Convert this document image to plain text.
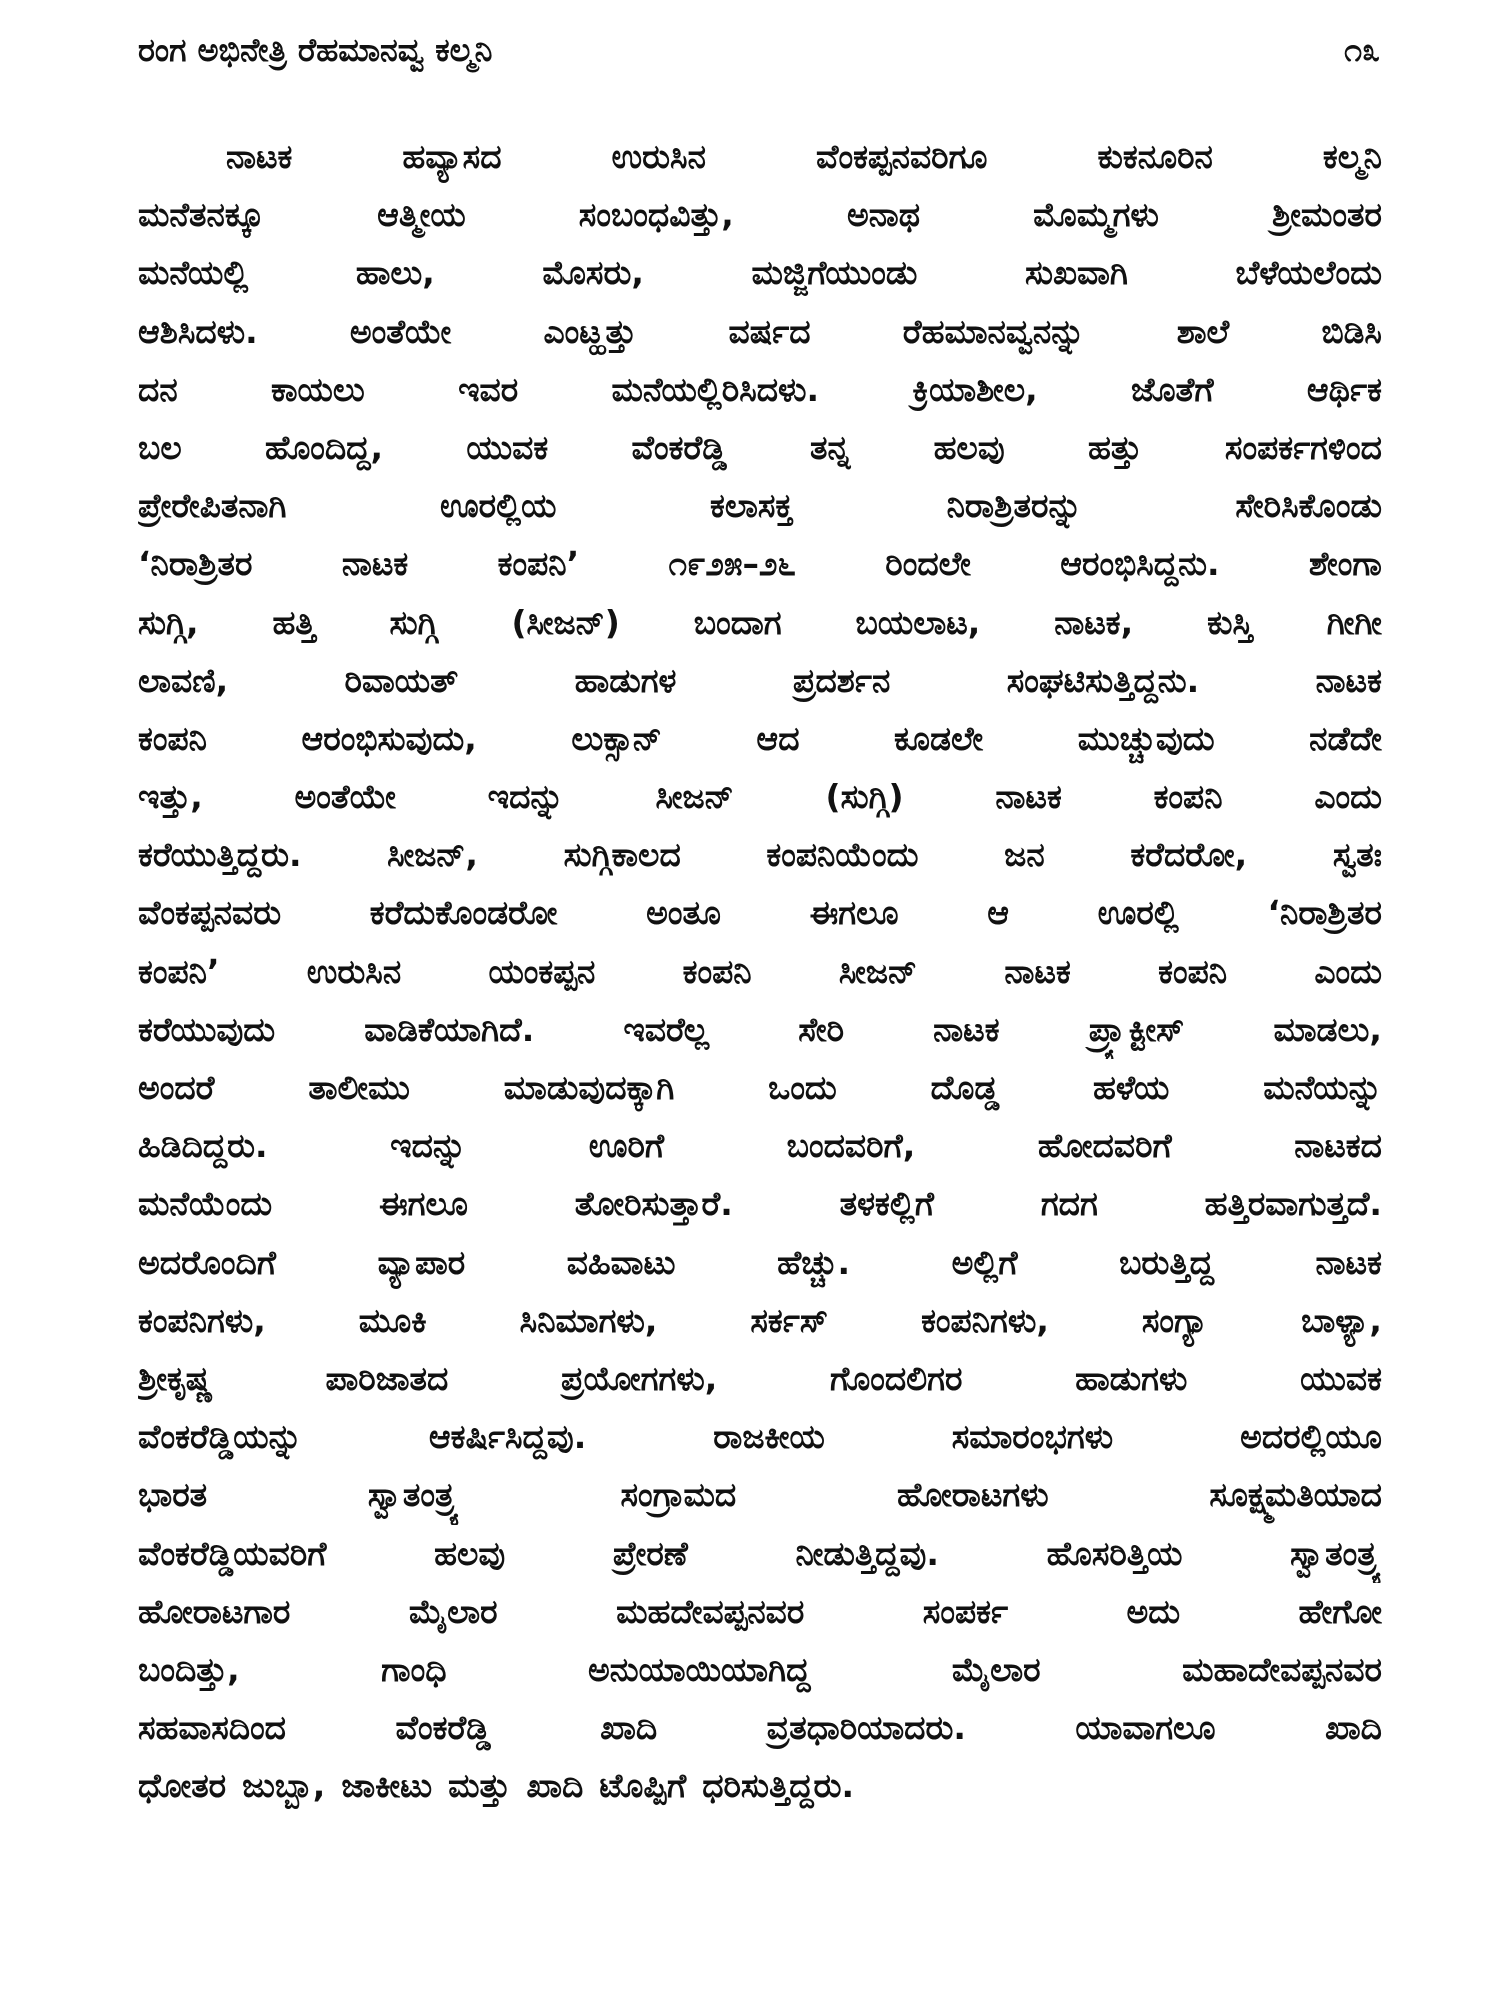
ರಂಗ ಅಭಿನೇತ್ರಿ ರೆಹಮಾನವ್ವ ಕಲ್ಮನಿ	೧೩
ನಾಟಕ	ಹವ್ಯಾಸದ	ಉರುಸಿನ	ವೆಂಕಪ್ಪನವರಿಗೂ	ಕುಕನೂರಿನ	ಕಲ್ಮನಿ
ಮನೆತನಕ್ಕೂ	ಆತ್ಮೀಯ	ಸಂಬಂಧವಿತ್ತು,	ಅನಾಥ	ಮೊಮ್ಮಗಳು	ಶ್ರೀಮಂತರ
ಮನೆಯಲ್ಲಿ	ಹಾಲು,	ಮೊಸರು,	ಮಜ್ಜಿಗೆಯುಂಡು	ಸುಖವಾಗಿ	ಬೆಳೆಯಲೆಂದು
ಆಶಿಸಿದಳು.	ಅಂತೆಯೇ	ಎಂಟ್ಹತ್ತು	ವರ್ಷದ	ರೆಹಮಾನವ್ವನನ್ನು	ಶಾಲೆ	ಬಿಡಿಸಿ
ದನ	ಕಾಯಲು	ಇವರ	ಮನೆಯಲ್ಲಿರಿಸಿದಳು.	ಕ್ರಿಯಾಶೀಲ,	ಜೊತೆಗೆ	ಆರ್ಥಿಕ
ಬಲ	ಹೊಂದಿದ್ದ,	ಯುವಕ	ವೆಂಕರೆಡ್ಡಿ	ತನ್ನ	ಹಲವು	ಹತ್ತು	ಸಂಪರ್ಕಗಳಿಂದ
ಪ್ರೇರೇಪಿತನಾಗಿ	ಊರಲ್ಲಿಯ	ಕಲಾಸಕ್ತ	ನಿರಾಶ್ರಿತರನ್ನು	ಸೇರಿಸಿಕೊಂಡು
‘ನಿರಾಶ್ರಿತರ	ನಾಟಕ	ಕಂಪನಿ’	೧೯೨೫–೨೬	ರಿಂದಲೇ	ಆರಂಭಿಸಿದ್ದನು.	ಶೇಂಗಾ
ಸುಗ್ಗಿ, ಹತ್ತಿ ಸುಗ್ಗಿ (ಸೀಜನ್) ಬಂದಾಗ ಬಯಲಾಟ, ನಾಟಕ, ಕುಸ್ತಿ ಗೀಗೀ
ಲಾವಣಿ,	ರಿವಾಯತ್	ಹಾಡುಗಳ	ಪ್ರದರ್ಶನ	ಸಂಘಟಿಸುತ್ತಿದ್ದನು.	ನಾಟಕ
ಕಂಪನಿ	ಆರಂಭಿಸುವುದು,	ಲುಕ್ಸಾನ್	ಆದ	ಕೂಡಲೇ	ಮುಚ್ಚುವುದು	ನಡೆದೇ
ಇತ್ತು,	ಅಂತೆಯೇ	ಇದನ್ನು	ಸೀಜನ್	(ಸುಗ್ಗಿ)	ನಾಟಕ	ಕಂಪನಿ	ಎಂದು
ಕರೆಯುತ್ತಿದ್ದರು.	ಸೀಜನ್,	ಸುಗ್ಗಿಕಾಲದ	ಕಂಪನಿಯೆಂದು	ಜನ	ಕರೆದರೋ,	ಸ್ವತಃ
ವೆಂಕಪ್ಪನವರು	ಕರೆದುಕೊಂಡರೋ	ಅಂತೂ	ಈಗಲೂ	ಆ	ಊರಲ್ಲಿ	‘ನಿರಾಶ್ರಿತರ
ಕಂಪನಿ’	ಉರುಸಿನ	ಯಂಕಪ್ಪನ	ಕಂಪನಿ	ಸೀಜನ್	ನಾಟಕ	ಕಂಪನಿ	ಎಂದು
ಕರೆಯುವುದು	ವಾಡಿಕೆಯಾಗಿದೆ.	ಇವರೆಲ್ಲ	ಸೇರಿ	ನಾಟಕ	ಪ್ರ್ಯಾಕ್ಟೀಸ್	ಮಾಡಲು,
ಅಂದರೆ	ತಾಲೀಮು	ಮಾಡುವುದಕ್ಕಾಗಿ	ಒಂದು	ದೊಡ್ಡ	ಹಳೆಯ	ಮನೆಯನ್ನು
ಹಿಡಿದಿದ್ದರು.	ಇದನ್ನು	ಊರಿಗೆ	ಬಂದವರಿಗೆ,	ಹೋದವರಿಗೆ	ನಾಟಕದ
ಮನೆಯೆಂದು	ಈಗಲೂ	ತೋರಿಸುತ್ತಾರೆ.	ತಳಕಲ್ಲಿಗೆ	ಗದಗ	ಹತ್ತಿರವಾಗುತ್ತದೆ.
ಅದರೊಂದಿಗೆ	ವ್ಯಾಪಾರ	ವಹಿವಾಟು	ಹೆಚ್ಚು.	ಅಲ್ಲಿಗೆ	ಬರುತ್ತಿದ್ದ	ನಾಟಕ
ಕಂಪನಿಗಳು,	ಮೂಕಿ	ಸಿನಿಮಾಗಳು,	ಸರ್ಕಸ್	ಕಂಪನಿಗಳು,	ಸಂಗ್ಯಾ	ಬಾಳ್ಯಾ,
ಶ್ರೀಕೃಷ್ಣ	ಪಾರಿಜಾತದ	ಪ್ರಯೋಗಗಳು,	ಗೊಂದಲಿಗರ	ಹಾಡುಗಳು	ಯುವಕ
ವೆಂಕರೆಡ್ಡಿಯನ್ನು	ಆಕರ್ಷಿಸಿದ್ದವು.	ರಾಜಕೀಯ	ಸಮಾರಂಭಗಳು	ಅದರಲ್ಲಿಯೂ
ಭಾರತ	ಸ್ವಾತಂತ್ರ್ಯ	ಸಂಗ್ರಾಮದ	ಹೋರಾಟಗಳು	ಸೂಕ್ಷ್ಮಮತಿಯಾದ
ವೆಂಕರೆಡ್ಡಿಯವರಿಗೆ	ಹಲವು	ಪ್ರೇರಣೆ	ನೀಡುತ್ತಿದ್ದವು.	ಹೊಸರಿತ್ತಿಯ	ಸ್ವಾತಂತ್ರ್ಯ
ಹೋರಾಟಗಾರ	ಮೈಲಾರ	ಮಹದೇವಪ್ಪನವರ	ಸಂಪರ್ಕ	ಅದು	ಹೇಗೋ
ಬಂದಿತ್ತು,	ಗಾಂಧಿ	ಅನುಯಾಯಿಯಾಗಿದ್ದ	ಮೈಲಾರ	ಮಹಾದೇವಪ್ಪನವರ
ಸಹವಾಸದಿಂದ	ವೆಂಕರೆಡ್ಡಿ	ಖಾದಿ	ವ್ರತಧಾರಿಯಾದರು.	ಯಾವಾಗಲೂ	ಖಾದಿ
ಧೋತರ ಜುಬ್ಬಾ, ಜಾಕೀಟು ಮತ್ತು ಖಾದಿ ಟೊಪ್ಪಿಗೆ ಧರಿಸುತ್ತಿದ್ದರು.
